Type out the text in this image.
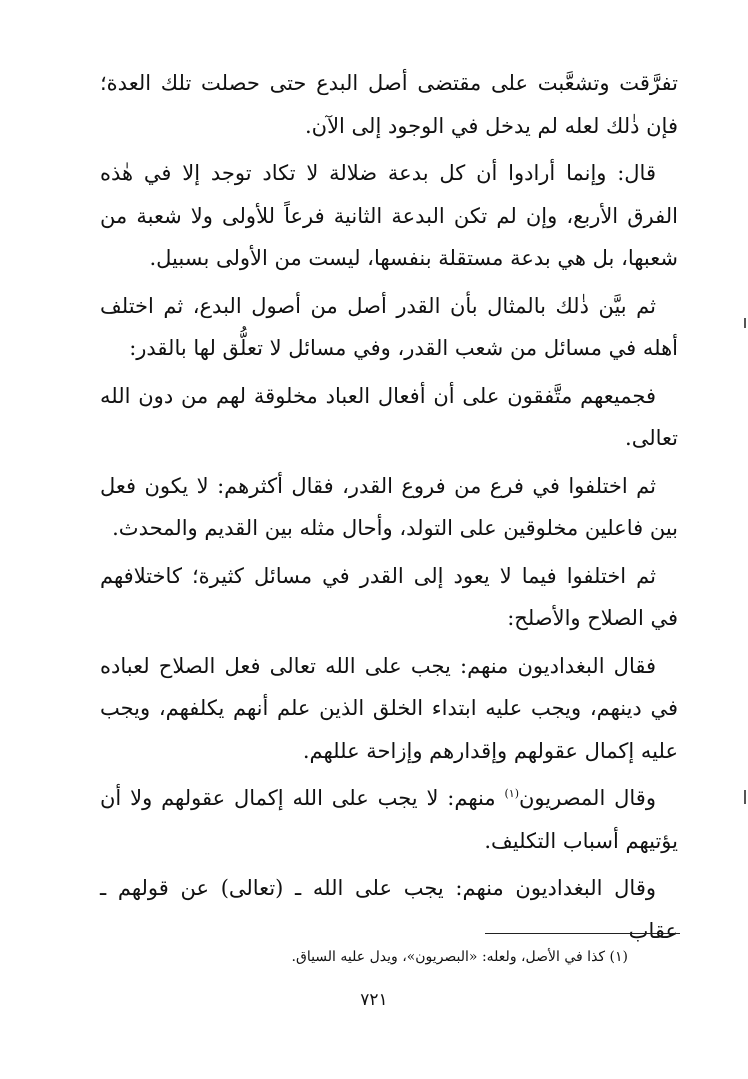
تفرَّقت وتشعَّبت على مقتضى أصل البدع حتى حصلت تلك العدة؛ فإن ذٰلك لعله لم يدخل في الوجود إلى الآن.

قال: وإنما أرادوا أن كل بدعة ضلالة لا تكاد توجد إلا في هٰذه الفرق الأربع، وإن لم تكن البدعة الثانية فرعاً للأولى ولا شعبة من شعبها، بل هي بدعة مستقلة بنفسها، ليست من الأولى بسبيل.

ثم بيَّن ذٰلك بالمثال بأن القدر أصل من أصول البدع، ثم اختلف أهله في مسائل من شعب القدر، وفي مسائل لا تعلُّق لها بالقدر:

فجميعهم متَّفقون على أن أفعال العباد مخلوقة لهم من دون الله تعالى.

ثم اختلفوا في فرع من فروع القدر، فقال أكثرهم: لا يكون فعل بين فاعلين مخلوقين على التولد، وأحال مثله بين القديم والمحدث.

ثم اختلفوا فيما لا يعود إلى القدر في مسائل كثيرة؛ كاختلافهم في الصلاح والأصلح:

فقال البغداديون منهم: يجب على الله تعالى فعل الصلاح لعباده في دينهم، ويجب عليه ابتداء الخلق الذين علم أنهم يكلفهم، ويجب عليه إكمال عقولهم وإقدارهم وإزاحة عللهم.

وقال المصريون$^{(١)}$ منهم: لا يجب على الله إكمال عقولهم ولا أن يؤتيهم أسباب التكليف.

وقال البغداديون منهم: يجب على الله ـ (تعالى) عن قولهم ـ عقاب

(١) كذا في الأصل، ولعله: «البصريون»، ويدل عليه السياق.
٧٢١
